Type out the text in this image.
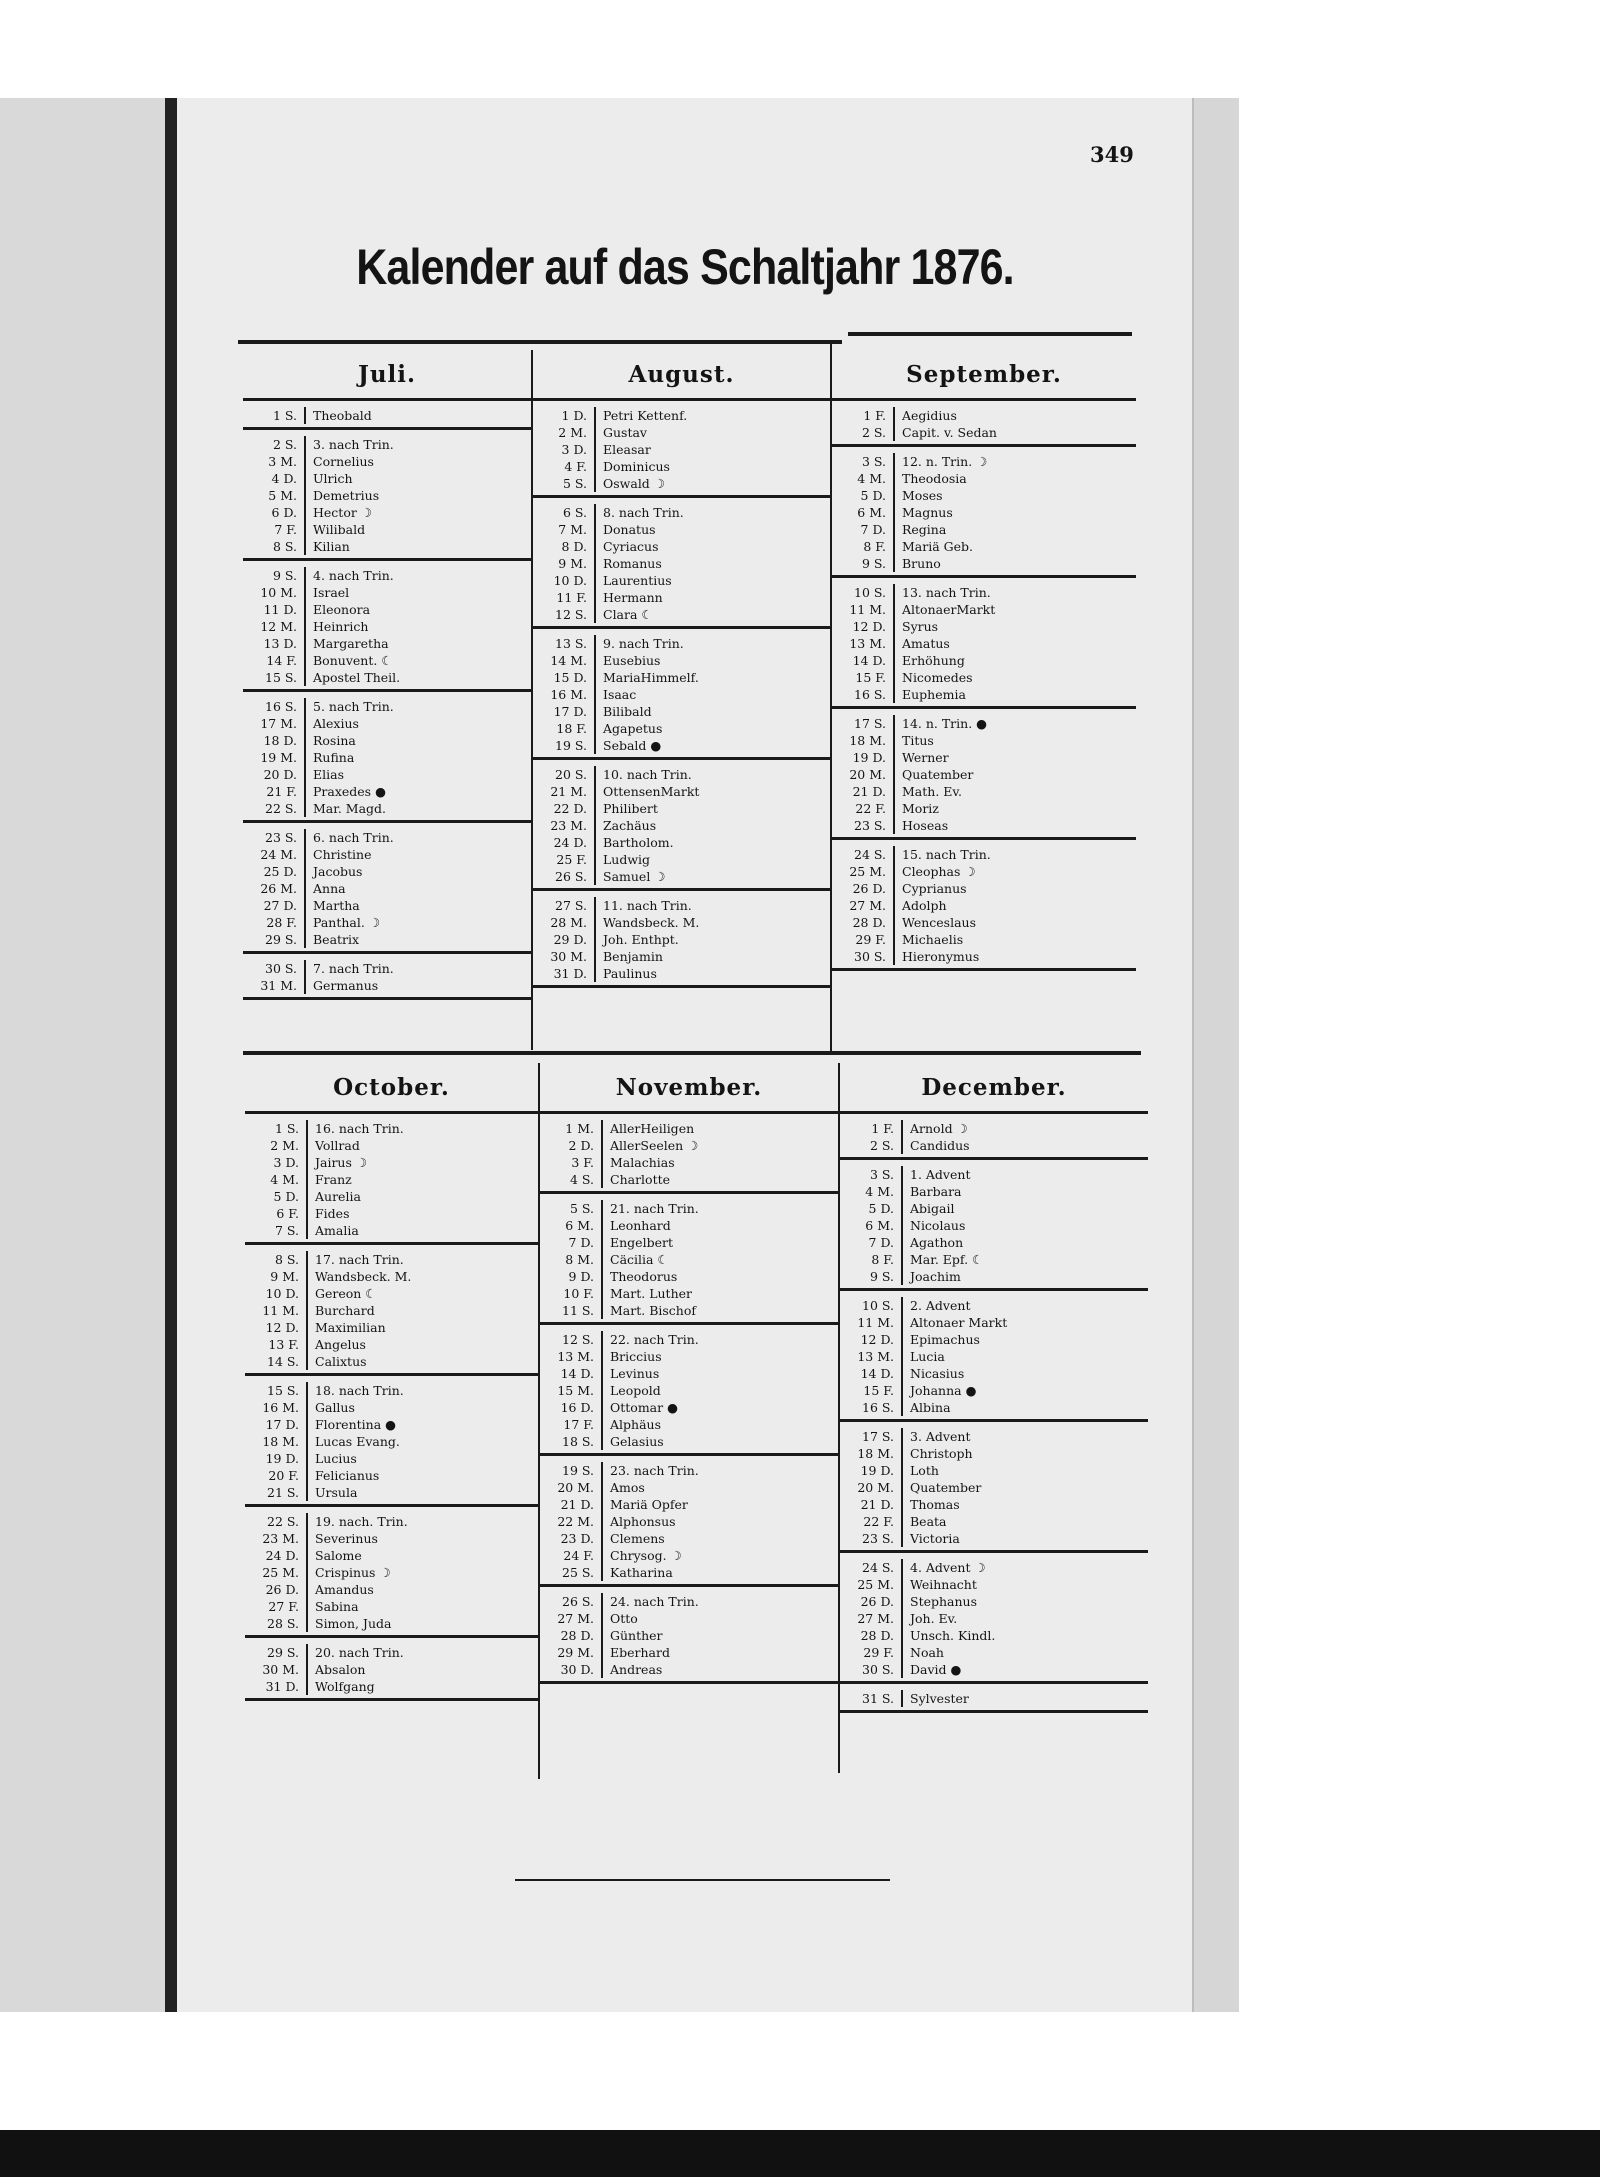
349
Kalender auf das Schaltjahr 1876.
Juli.
1 S. Theobald
2 S.
3 M.
4 D.
5 M.
6 D.
7 F.
8 S.
3. nach Trin.
Cornelius
Ulrich
Demetrius
Hector ☽
Wilibald
Kilian
9 S.
10 M.
11 D.
12 M.
13 D.
14 F.
15 S.
4. nach Trin.
Israel
Eleonora
Heinrich
Margaretha
Bonuvent. ☾
Apostel Theil.
16 S.
17 M.
18 D.
19 M.
20 D.
21 F.
22 S.
5. nach Trin.
Alexius
Rosina
Rufina
Elias
Praxedes ●
Mar. Magd.
23 S.
24 M.
25 D.
26 M.
27 D.
28 F.
29 S.
6. nach Trin.
Christine
Jacobus
Anna
Martha
Panthal. ☽
Beatrix
30 S.
31 M.
7. nach Trin.
Germanus
August.
1 D.
2 M.
3 D.
4 F.
5 S.
Petri Kettenf.
Gustav
Eleasar
Dominicus
Oswald ☽
6 S.
7 M.
8 D.
9 M.
10 D.
11 F.
12 S.
8. nach Trin.
Donatus
Cyriacus
Romanus
Laurentius
Hermann
Clara ☾
13 S.
14 M.
15 D.
16 M.
17 D.
18 F.
19 S.
9. nach Trin.
Eusebius
MariaHimmelf.
Isaac
Bilibald
Agapetus
Sebald ●
20 S.
21 M.
22 D.
23 M.
24 D.
25 F.
26 S.
10. nach Trin.
OttensenMarkt
Philibert
Zachäus
Bartholom.
Ludwig
Samuel ☽
27 S.
28 M.
29 D.
30 M.
31 D.
11. nach Trin.
Wandsbeck. M.
Joh. Enthpt.
Benjamin
Paulinus
September.
1 F.
2 S.
Aegidius
Capit. v. Sedan
3 S.
4 M.
5 D.
6 M.
7 D.
8 F.
9 S.
12. n. Trin. ☽
Theodosia
Moses
Magnus
Regina
Mariä Geb.
Bruno
10 S.
11 M.
12 D.
13 M.
14 D.
15 F.
16 S.
13. nach Trin.
AltonaerMarkt
Syrus
Amatus
Erhöhung
Nicomedes
Euphemia
17 S.
18 M.
19 D.
20 M.
21 D.
22 F.
23 S.
14. n. Trin. ●
Titus
Werner
Quatember
Math. Ev.
Moriz
Hoseas
24 S.
25 M.
26 D.
27 M.
28 D.
29 F.
30 S.
15. nach Trin.
Cleophas ☽
Cyprianus
Adolph
Wenceslaus
Michaelis
Hieronymus
October.
1 S.
2 M.
3 D.
4 M.
5 D.
6 F.
7 S.
16. nach Trin.
Vollrad
Jairus ☽
Franz
Aurelia
Fides
Amalia
8 S.
9 M.
10 D.
11 M.
12 D.
13 F.
14 S.
17. nach Trin.
Wandsbeck. M.
Gereon ☾
Burchard
Maximilian
Angelus
Calixtus
15 S.
16 M.
17 D.
18 M.
19 D.
20 F.
21 S.
18. nach Trin.
Gallus
Florentina ●
Lucas Evang.
Lucius
Felicianus
Ursula
22 S.
23 M.
24 D.
25 M.
26 D.
27 F.
28 S.
19. nach. Trin.
Severinus
Salome
Crispinus ☽
Amandus
Sabina
Simon, Juda
29 S.
30 M.
31 D.
20. nach Trin.
Absalon
Wolfgang
November.
1 M.
2 D.
3 F.
4 S.
AllerHeiligen
AllerSeelen ☽
Malachias
Charlotte
5 S.
6 M.
7 D.
8 M.
9 D.
10 F.
11 S.
21. nach Trin.
Leonhard
Engelbert
Cäcilia ☾
Theodorus
Mart. Luther
Mart. Bischof
12 S.
13 M.
14 D.
15 M.
16 D.
17 F.
18 S.
22. nach Trin.
Briccius
Levinus
Leopold
Ottomar ●
Alphäus
Gelasius
19 S.
20 M.
21 D.
22 M.
23 D.
24 F.
25 S.
23. nach Trin.
Amos
Mariä Opfer
Alphonsus
Clemens
Chrysog. ☽
Katharina
26 S.
27 M.
28 D.
29 M.
30 D.
24. nach Trin.
Otto
Günther
Eberhard
Andreas
December.
1 F.
2 S.
Arnold ☽
Candidus
3 S.
4 M.
5 D.
6 M.
7 D.
8 F.
9 S.
1. Advent
Barbara
Abigail
Nicolaus
Agathon
Mar. Epf. ☾
Joachim
10 S.
11 M.
12 D.
13 M.
14 D.
15 F.
16 S.
2. Advent
Altonaer Markt
Epimachus
Lucia
Nicasius
Johanna ●
Albina
17 S.
18 M.
19 D.
20 M.
21 D.
22 F.
23 S.
3. Advent
Christoph
Loth
Quatember
Thomas
Beata
Victoria
24 S.
25 M.
26 D.
27 M.
28 D.
29 F.
30 S.
4. Advent ☽
Weihnacht
Stephanus
Joh. Ev.
Unsch. Kindl.
Noah
David ●
31 S. Sylvester
